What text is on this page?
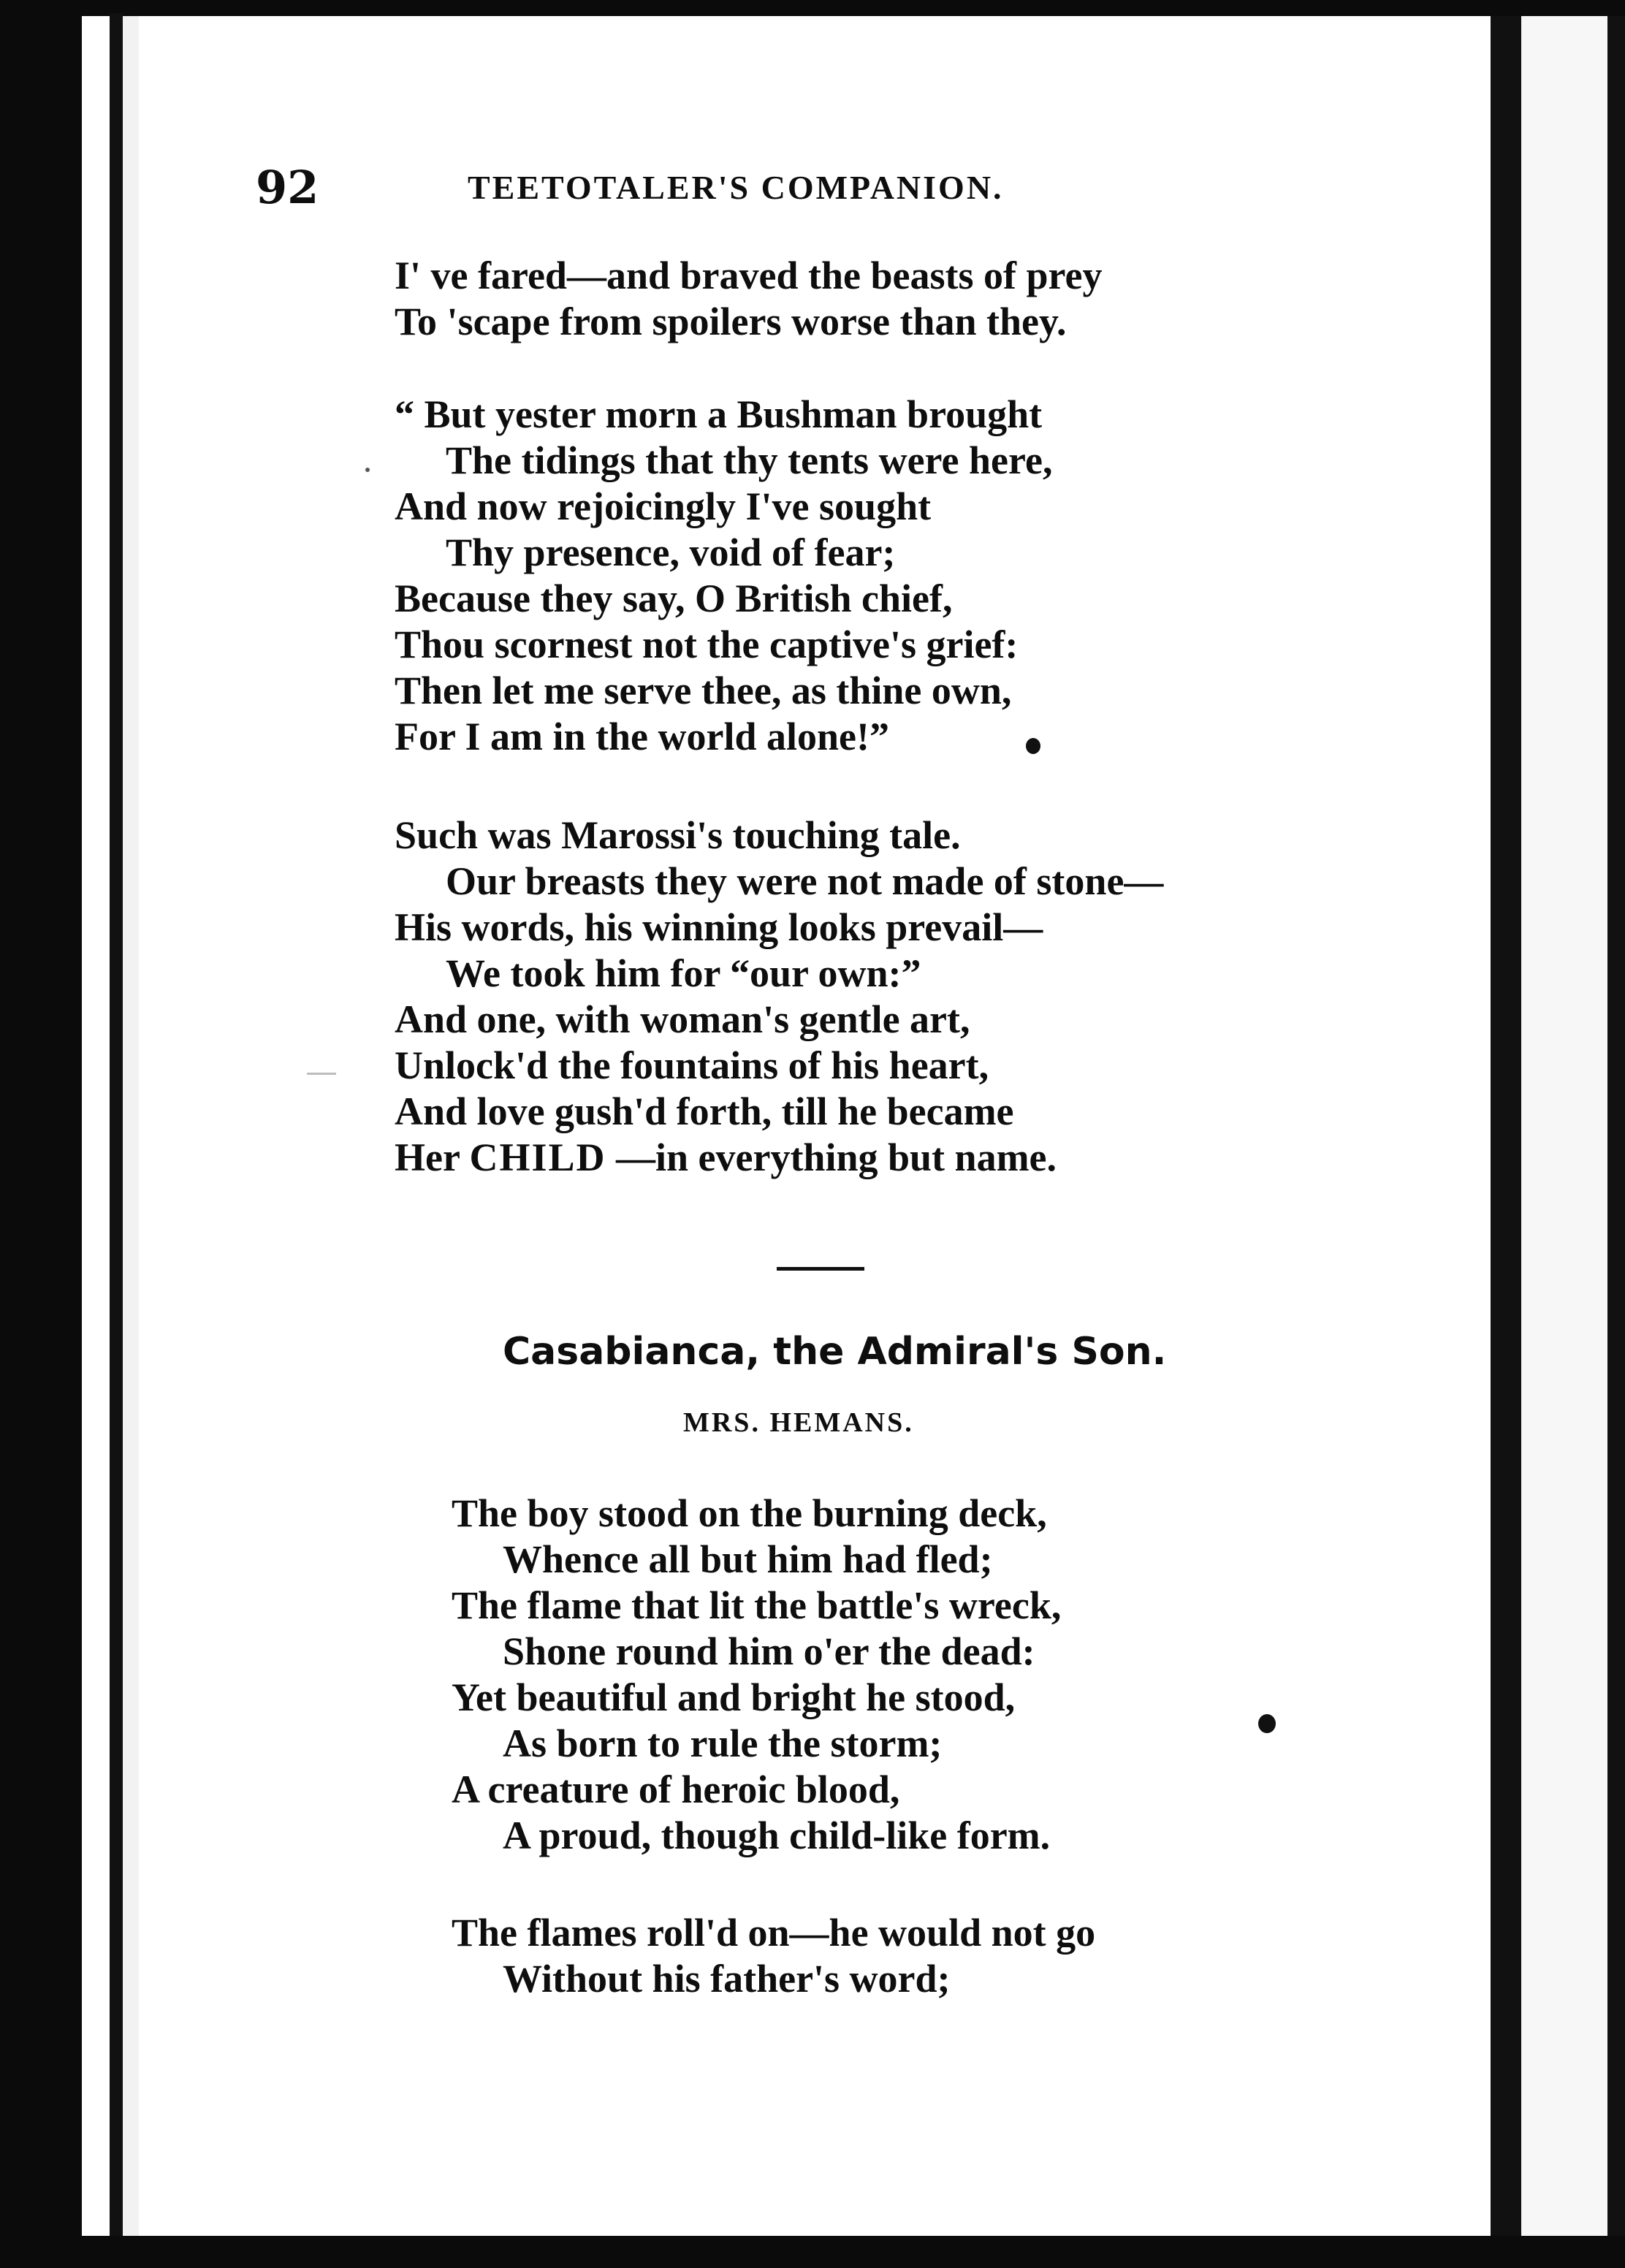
92	TEETOTALER'S COMPANION.
I' ve fared—and braved the beasts of prey
To 'scape from spoilers worse than they.
“ But yester morn a Bushman brought
The tidings that thy tents were here,
And now rejoicingly I've sought
Thy presence, void of fear;
Because they say, O British chief,
Thou scornest not the captive's grief:
Then let me serve thee, as thine own,
For I am in the world alone!”
Such was Marossi's touching tale.
Our breasts they were not made of stone—
His words, his winning looks prevail—
We took him for “our own:”
And one, with woman's gentle art,
Unlock'd the fountains of his heart,
And love gush'd forth, till he became
Her CHILD —in everything but name.
Casabianca, the Admiral's Son.
MRS. HEMANS.
The boy stood on the burning deck,
Whence all but him had fled;
The flame that lit the battle's wreck,
Shone round him o'er the dead:
Yet beautiful and bright he stood,
As born to rule the storm;
A creature of heroic blood,
A proud, though child-like form.
The flames roll'd on—he would not go
Without his father's word;
